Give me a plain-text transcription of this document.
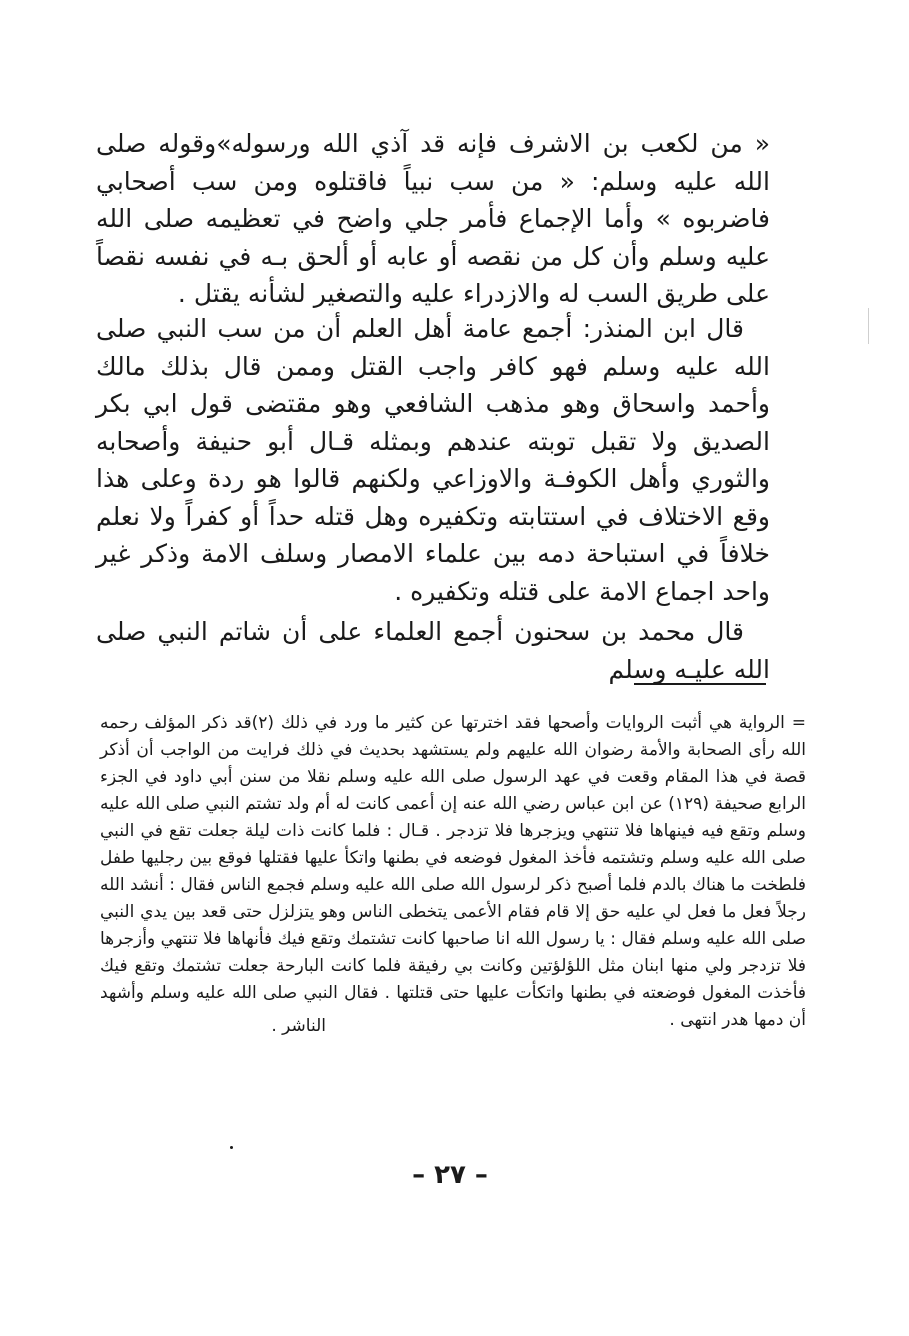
« من لكعب بن الاشرف فإنه قد آذي الله ورسوله»وقوله صلى الله عليه وسلم: « من سب نبياً فاقتلوه ومن سب أصحابي فاضربوه » وأما الإجماع فأمر جلي واضح في تعظيمه صلى الله عليه وسلم وأن كل من نقصه أو عابه أو ألحق بـه في نفسه نقصاً على طريق السب له والازدراء عليه والتصغير لشأنه يقتل .
قال ابن المنذر: أجمع عامة أهل العلم أن من سب النبي صلى الله عليه وسلم فهو كافر واجب القتل وممن قال بذلك مالك وأحمد واسحاق وهو مذهب الشافعي وهو مقتضى قول ابي بكر الصديق ولا تقبل توبته عندهم وبمثله قـال أبو حنيفة وأصحابه والثوري وأهل الكوفـة والاوزاعي ولكنهم قالوا هو ردة وعلى هذا وقع الاختلاف في استتابته وتكفيره وهل قتله حداً أو كفراً ولا نعلم خلافاً في استباحة دمه بين علماء الامصار وسلف الامة وذكر غير واحد اجماع الامة على قتله وتكفيره .
قال محمد بن سحنون أجمع العلماء على أن شاتم النبي صلى الله عليـه وسلم
= الرواية هي أثبت الروايات وأصحها فقد اخترتها عن كثير ما ورد في ذلك (٢)قد ذكر المؤلف رحمه الله رأى الصحابة والأمة رضوان الله عليهم ولم يستشهد بحديث في ذلك فرايت من الواجب أن أذكر قصة في هذا المقام وقعت في عهد الرسول صلى الله عليه وسلم نقلا من سنن أبي داود في الجزء الرابع صحيفة (١٢٩) عن ابن عباس رضي الله عنه إن أعمى كانت له أم ولد تشتم النبي صلى الله عليه وسلم وتقع فيه فينهاها فلا تنتهي ويزجرها فلا تزدجر . قـال : فلما كانت ذات ليلة جعلت تقع في النبي صلى الله عليه وسلم وتشتمه فأخذ المغول فوضعه في بطنها واتكأ عليها فقتلها فوقع بين رجليها طفل فلطخت ما هناك بالدم فلما أصبح ذكر لرسول الله صلى الله عليه وسلم فجمع الناس فقال : أنشد الله رجلاً فعل ما فعل لي عليه حق إلا قام فقام الأعمى يتخطى الناس وهو يتزلزل حتى قعد بين يدي النبي صلى الله عليه وسلم فقال : يا رسول الله انا صاحبها كانت تشتمك وتقع فيك فأنهاها فلا تنتهي وأزجرها فلا تزدجر ولي منها ابنان مثل اللؤلؤتين وكانت بي رفيقة فلما كانت البارحة جعلت تشتمك وتقع فيك فأخذت المغول فوضعته في بطنها واتكأت عليها حتى قتلتها . فقال النبي صلى الله عليه وسلم وأشهد أن دمها هدر انتهى .
الناشر .
– ٢٧ –
